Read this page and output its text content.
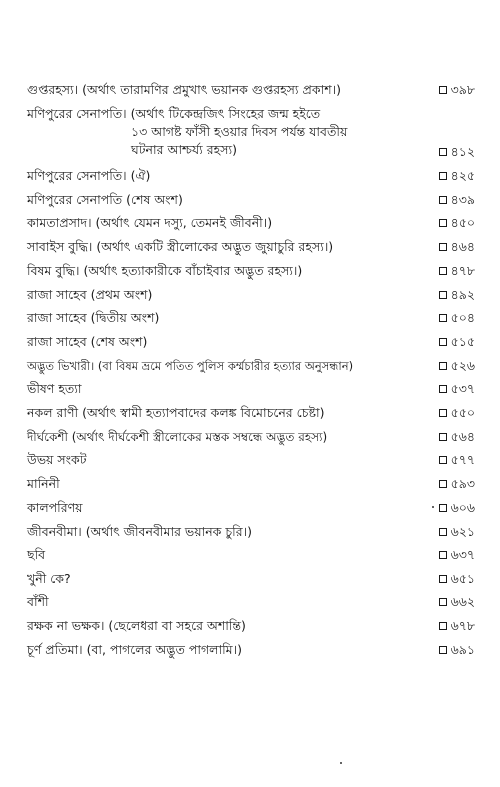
গুপ্তরহস্য। (অর্থাৎ তারামণির প্রমুখাৎ ভয়ানক গুপ্তরহস্য প্রকাশ।)	৩৯৮
মণিপুরের সেনাপতি। (অর্থাৎ টিকেন্দ্রজিৎ সিংহের জন্ম হইতে
১৩ আগষ্ট ফাঁসী হওয়ার দিবস পর্যন্ত যাবতীয়
ঘটনার আশ্চর্য্য রহস্য)	৪১২
মণিপুরের সেনাপতি। (ঐ)	৪২৫
মণিপুরের সেনাপতি (শেষ অংশ)	৪৩৯
কামতাপ্রসাদ। (অর্থাৎ যেমন দস্যু, তেমনই জীবনী।)	৪৫০
সাবাইস বুদ্ধি। (অর্থাৎ একটি স্ত্রীলোকের অদ্ভুত জুয়াচুরি রহস্য।)	৪৬৪
বিষম বুদ্ধি। (অর্থাৎ হত্যাকারীকে বাঁচাইবার অদ্ভুত রহস্য।)	৪৭৮
রাজা সাহেব (প্রথম অংশ)	৪৯২
রাজা সাহেব (দ্বিতীয় অংশ)	৫০৪
রাজা সাহেব (শেষ অংশ)	৫১৫
অদ্ভুত ভিখারী। (বা বিষম ভ্রমে পতিত পুলিস কর্ম্মচারীর হত্যার অনুসন্ধান)	৫২৬
ভীষণ হত্যা	৫৩৭
নকল রাণী (অর্থাৎ স্বামী হত্যাপবাদের কলঙ্ক বিমোচনের চেষ্টা)	৫৫০
দীর্ঘকেশী (অর্থাৎ দীর্ঘকেশী স্ত্রীলোকের মস্তক সম্বন্ধে অদ্ভুত রহস্য)	৫৬৪
উভয় সংকট	৫৭৭
মানিনী	৫৯৩
কালপরিণয়	৬০৬
জীবনবীমা। (অর্থাৎ জীবনবীমার ভয়ানক চুরি।)	৬২১
ছবি	৬৩৭
খুনী কে?	৬৫১
বাঁশী	৬৬২
রক্ষক না ভক্ষক। (ছেলেধরা বা সহরে অশান্তি)	৬৭৮
চূর্ণ প্রতিমা। (বা, পাগলের অদ্ভুত পাগলামি।)	৬৯১
